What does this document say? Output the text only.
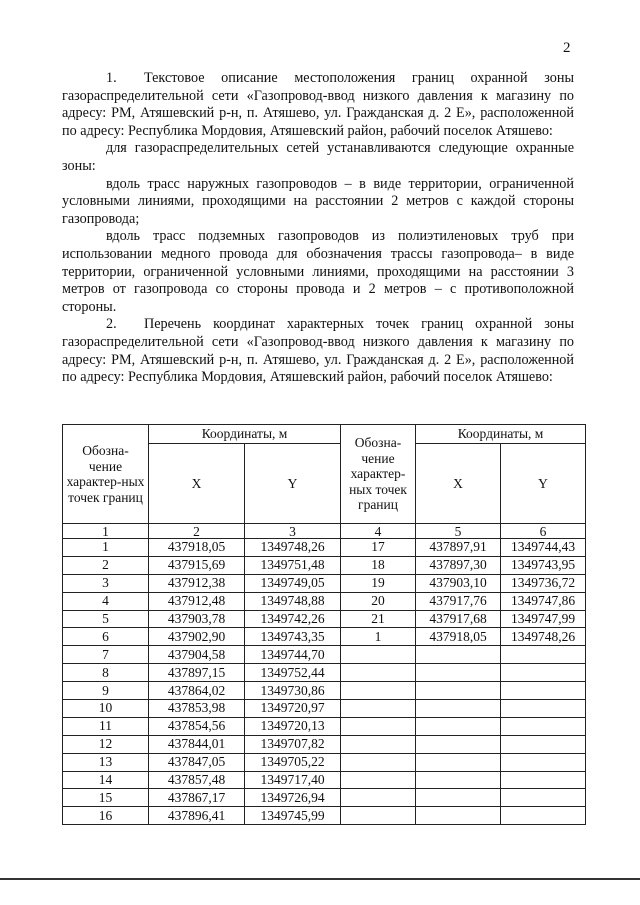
2

1. Текстовое описание местоположения границ охранной зоны газораспределительной сети «Газопровод-ввод низкого давления к магазину по адресу: РМ, Атяшевский р-н, п. Атяшево, ул. Гражданская д. 2 Е», расположенной по адресу: Республика Мордовия, Атяшевский район, рабочий поселок Атяшево:

для газораспределительных сетей устанавливаются следующие охранные зоны:

вдоль трасс наружных газопроводов – в виде территории, ограниченной условными линиями, проходящими на расстоянии 2 метров с каждой стороны газопровода;

вдоль трасс подземных газопроводов из полиэтиленовых труб при использовании медного провода для обозначения трассы газопровода– в виде территории, ограниченной условными линиями, проходящими на расстоянии 3 метров от газопровода со стороны провода и 2 метров – с противоположной стороны.

2. Перечень координат характерных точек границ охранной зоны газораспределительной сети «Газопровод-ввод низкого давления к магазину по адресу: РМ, Атяшевский р-н, п. Атяшево, ул. Гражданская д. 2 Е», расположенной по адресу: Республика Мордовия, Атяшевский район, рабочий поселок Атяшево:

Обозна-чение характер-ных точек границ	Координаты, м		Обозна-чение характер-ных точек границ	Координаты, м	
	X	Y		X	Y
1	2	3	4	5	6
1	437918,05	1349748,26	17	437897,91	1349744,43
2	437915,69	1349751,48	18	437897,30	1349743,95
3	437912,38	1349749,05	19	437903,10	1349736,72
4	437912,48	1349748,88	20	437917,76	1349747,86
5	437903,78	1349742,26	21	437917,68	1349747,99
6	437902,90	1349743,35	1	437918,05	1349748,26
7	437904,58	1349744,70			
8	437897,15	1349752,44			
9	437864,02	1349730,86			
10	437853,98	1349720,97			
11	437854,56	1349720,13			
12	437844,01	1349707,82			
13	437847,05	1349705,22			
14	437857,48	1349717,40			
15	437867,17	1349726,94			
16	437896,41	1349745,99			
